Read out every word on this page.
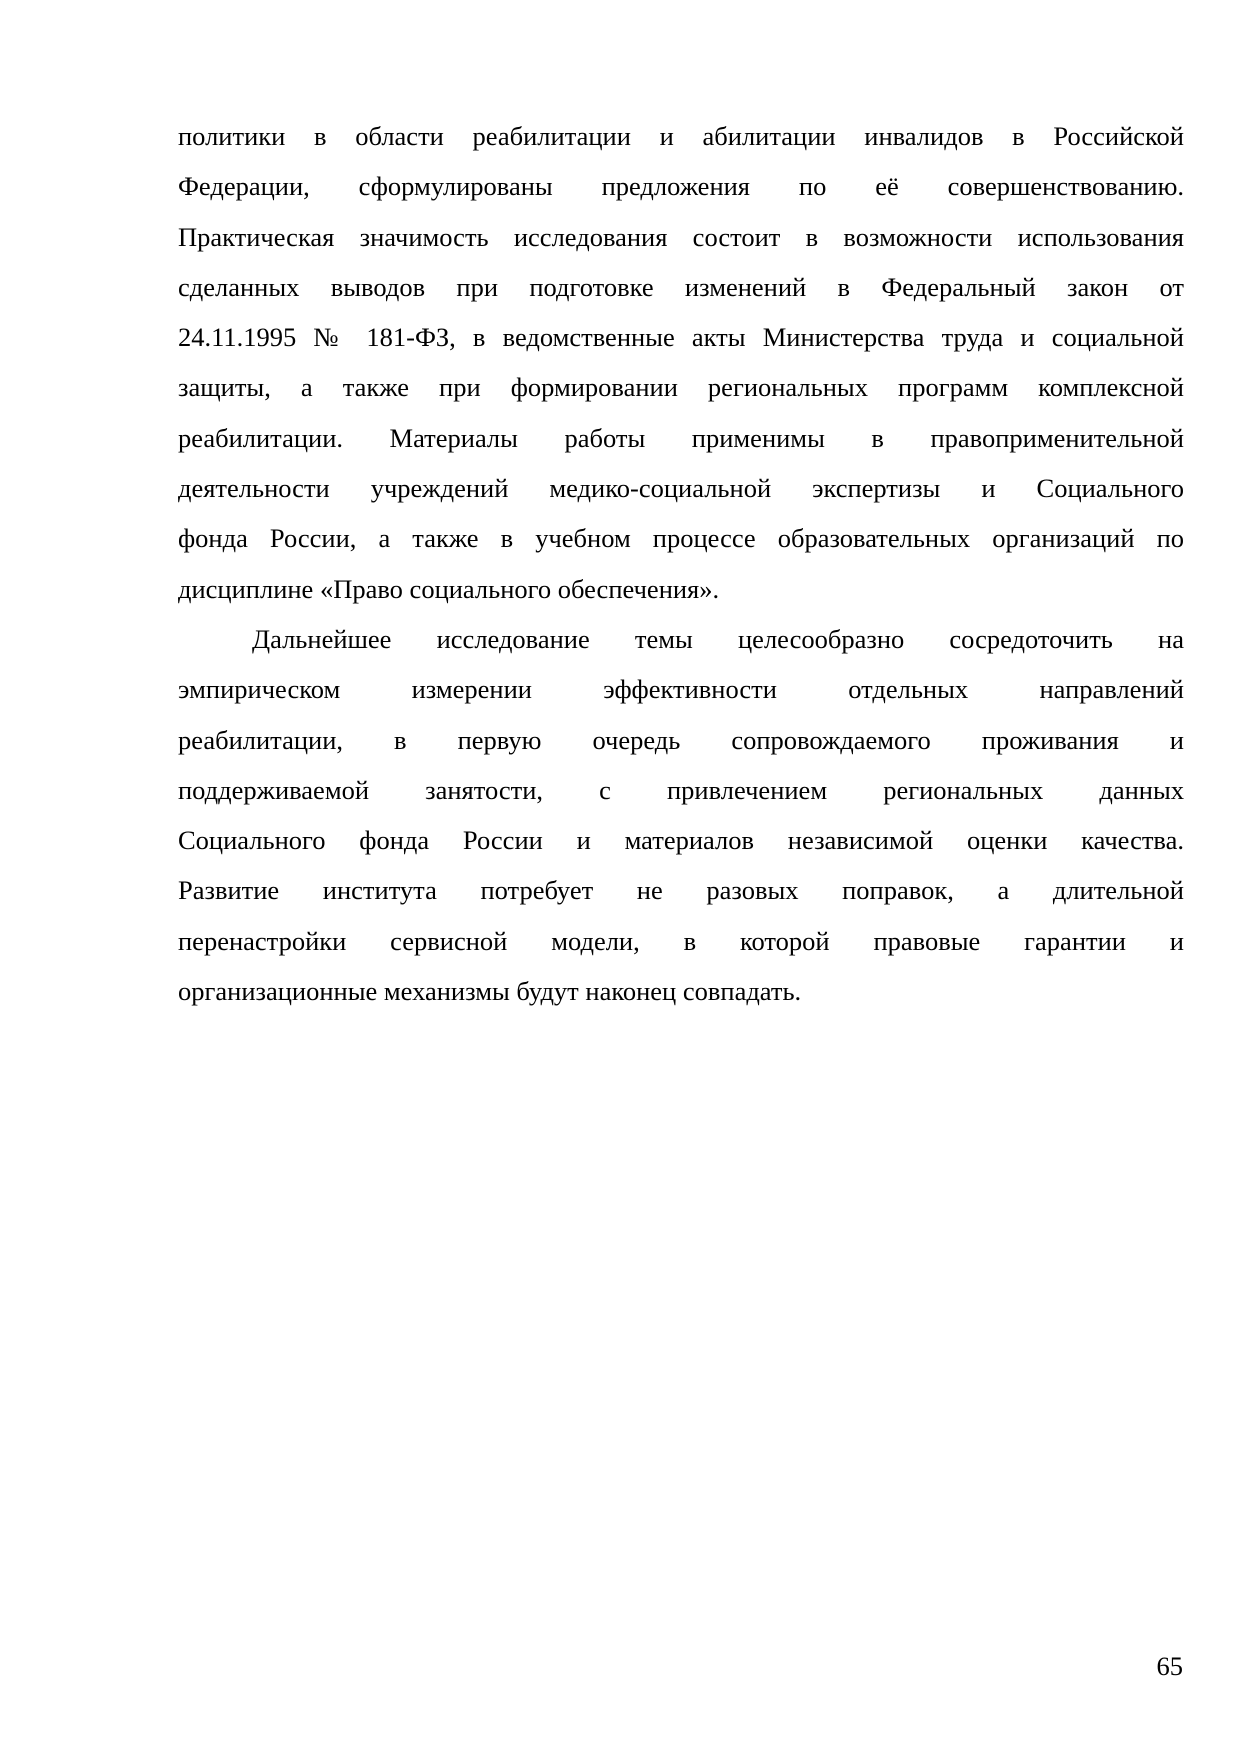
политики в области реабилитации и абилитации инвалидов в Российской
Федерации, сформулированы предложения по её совершенствованию.
Практическая значимость исследования состоит в возможности использования
сделанных выводов при подготовке изменений в Федеральный закон от
24.11.1995 № 181-ФЗ, в ведомственные акты Министерства труда и социальной
защиты, а также при формировании региональных программ комплексной
реабилитации. Материалы работы применимы в правоприменительной
деятельности учреждений медико-социальной экспертизы и Социального
фонда России, а также в учебном процессе образовательных организаций по
дисциплине «Право социального обеспечения».
Дальнейшее исследование темы целесообразно сосредоточить на
эмпирическом измерении эффективности отдельных направлений
реабилитации, в первую очередь сопровождаемого проживания и
поддерживаемой занятости, с привлечением региональных данных
Социального фонда России и материалов независимой оценки качества.
Развитие института потребует не разовых поправок, а длительной
перенастройки сервисной модели, в которой правовые гарантии и
организационные механизмы будут наконец совпадать.
65
